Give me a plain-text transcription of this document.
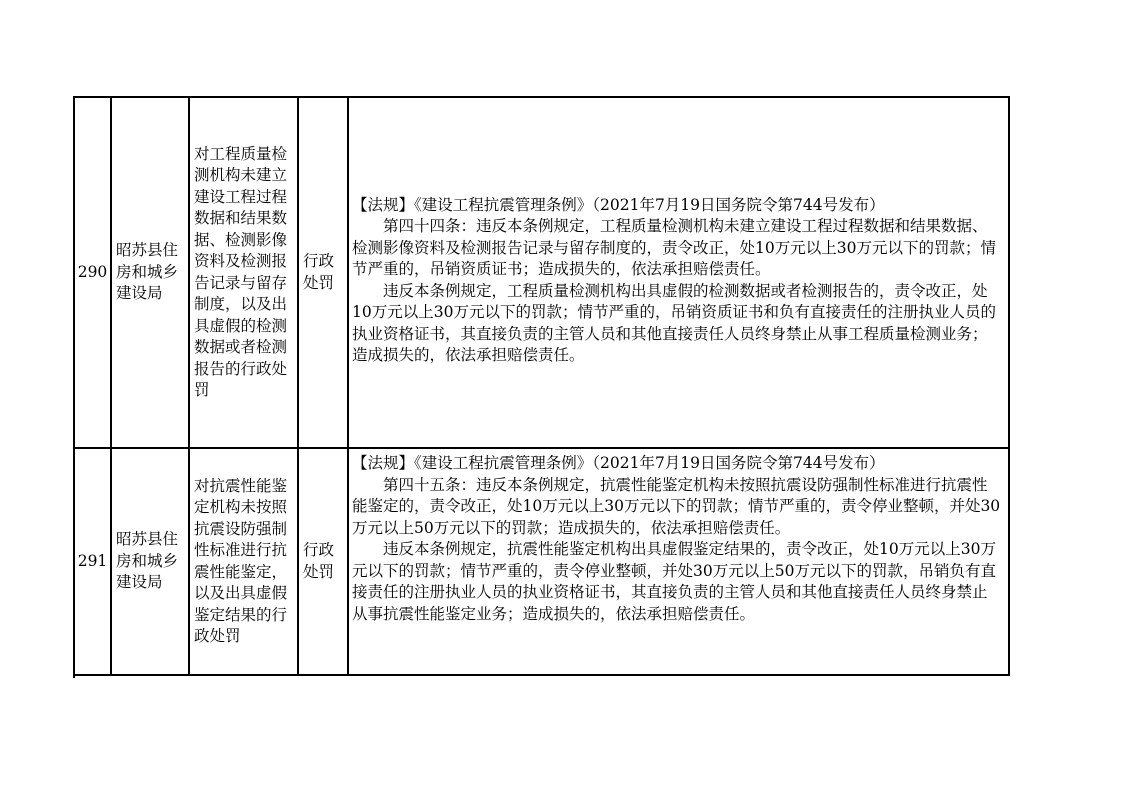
290	昭苏县住房和城乡建设局	对工程质量检测机构未建立建设工程过程数据和结果数据、检测影像资料及检测报告记录与留存制度，以及出具虚假的检测数据或者检测报告的行政处罚	行政处罚	【法规】《建设工程抗震管理条例》（2021年7月19日国务院令第744号发布）

第四十四条：违反本条例规定，工程质量检测机构未建立建设工程过程数据和结果数据、检测影像资料及检测报告记录与留存制度的，责令改正，处10万元以上30万元以下的罚款；情节严重的，吊销资质证书；造成损失的，依法承担赔偿责任。

违反本条例规定，工程质量检测机构出具虚假的检测数据或者检测报告的，责令改正，处10万元以上30万元以下的罚款；情节严重的，吊销资质证书和负有直接责任的注册执业人员的执业资格证书，其直接负责的主管人员和其他直接责任人员终身禁止从事工程质量检测业务；造成损失的，依法承担赔偿责任。

291	昭苏县住房和城乡建设局	对抗震性能鉴定机构未按照抗震设防强制性标准进行抗震性能鉴定，以及出具虚假鉴定结果的行政处罚	行政处罚	【法规】《建设工程抗震管理条例》（2021年7月19日国务院令第744号发布）

第四十五条：违反本条例规定，抗震性能鉴定机构未按照抗震设防强制性标准进行抗震性能鉴定的，责令改正，处10万元以上30万元以下的罚款；情节严重的，责令停业整顿，并处30万元以上50万元以下的罚款；造成损失的，依法承担赔偿责任。

违反本条例规定，抗震性能鉴定机构出具虚假鉴定结果的，责令改正，处10万元以上30万元以下的罚款；情节严重的，责令停业整顿，并处30万元以上50万元以下的罚款，吊销负有直接责任的注册执业人员的执业资格证书，其直接负责的主管人员和其他直接责任人员终身禁止从事抗震性能鉴定业务；造成损失的，依法承担赔偿责任。
